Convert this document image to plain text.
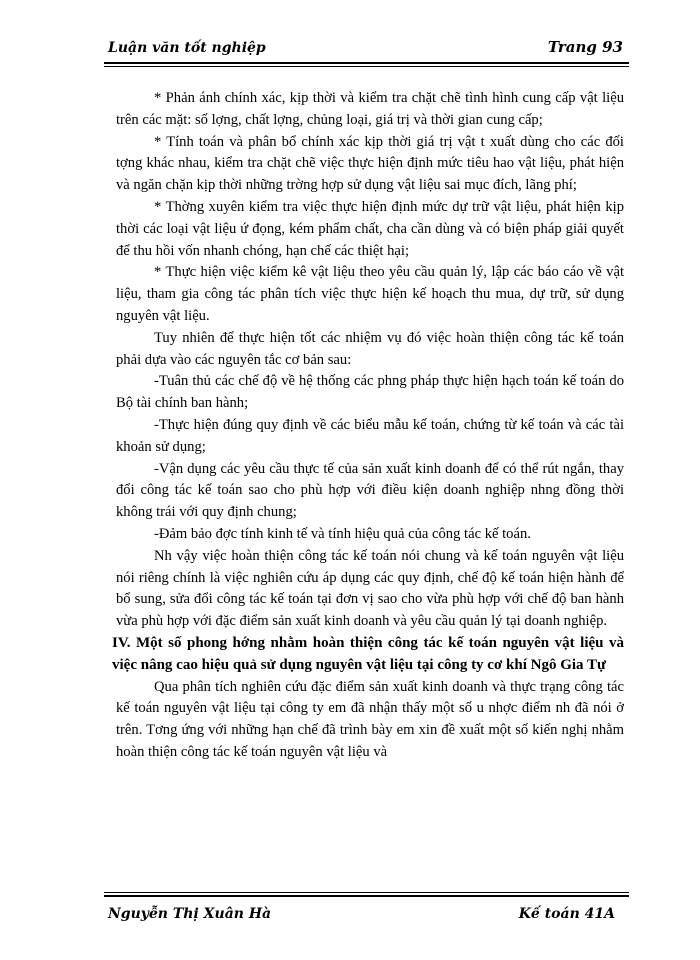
Luận văn tốt nghiệp	Trang 93

* Phản ánh chính xác, kịp thời và kiểm tra chặt chẽ tình hình cung cấp vật liệu trên các mặt: số lợng, chất lợng, chủng loại, giá trị và thời gian cung cấp;

* Tính toán và phân bổ chính xác kịp thời giá trị vật t xuất dùng cho các đối tợng khác nhau, kiểm tra chặt chẽ việc thực hiện định mức tiêu hao vật liệu, phát hiện và ngăn chặn kịp thời những trờng hợp sử dụng vật liệu sai mục đích, lãng phí;

* Thờng xuyên kiểm tra việc thực hiện định mức dự trữ vật liệu, phát hiện kịp thời các loại vật liệu ứ đọng, kém phẩm chất, cha cần dùng và có biện pháp giải quyết để thu hồi vốn nhanh chóng, hạn chế các thiệt hại;

* Thực hiện việc kiểm kê vật liệu theo yêu cầu quản lý, lập các báo cáo về vật liệu, tham gia công tác phân tích việc thực hiện kế hoạch thu mua, dự trữ, sử dụng nguyên vật liệu.

Tuy nhiên để thực hiện tốt các nhiệm vụ đó việc hoàn thiện công tác kế toán phải dựa vào các nguyên tắc cơ bản sau:

-Tuân thủ các chế độ về hệ thống các phng pháp thực hiện hạch toán kế toán do Bộ tài chính ban hành;

-Thực hiện đúng quy định về các biểu mẫu kế toán, chứng từ kế toán và các tài khoản sử dụng;

-Vận dụng các yêu cầu thực tế của sản xuất kinh doanh để có thể rút ngắn, thay đổi công tác kế toán sao cho phù hợp với điều kiện doanh nghiệp nhng đồng thời không trái với quy định chung;

-Đảm bảo đợc tính kinh tế và tính hiệu quả của công tác kế toán.

Nh vậy việc hoàn thiện công tác kế toán nói chung và kế toán nguyên vật liệu nói riêng chính là việc nghiên cứu áp dụng các quy định, chế độ kế toán hiện hành để bổ sung, sửa đổi công tác kế toán tại đơn vị sao cho vừa phù hợp với chế độ ban hành vừa phù hợp với đặc điểm sản xuất kinh doanh và yêu cầu quản lý tại doanh nghiệp.

IV. Một số phong hớng nhằm hoàn thiện công tác kế toán nguyên vật liệu và việc nâng cao hiệu quả sử dụng nguyên vật liệu tại công ty cơ khí Ngô Gia Tự

Qua phân tích nghiên cứu đặc điểm sản xuất kinh doanh và thực trạng công tác kế toán nguyên vật liệu tại công ty em đã nhận thấy một số u nhợc điểm nh đã nói ở trên. Tơng ứng với những hạn chế đã trình bày em xin đề xuất một số kiến nghị nhằm hoàn thiện công tác kế toán nguyên vật liệu và

Nguyễn Thị Xuân Hà	Kế toán 41A
